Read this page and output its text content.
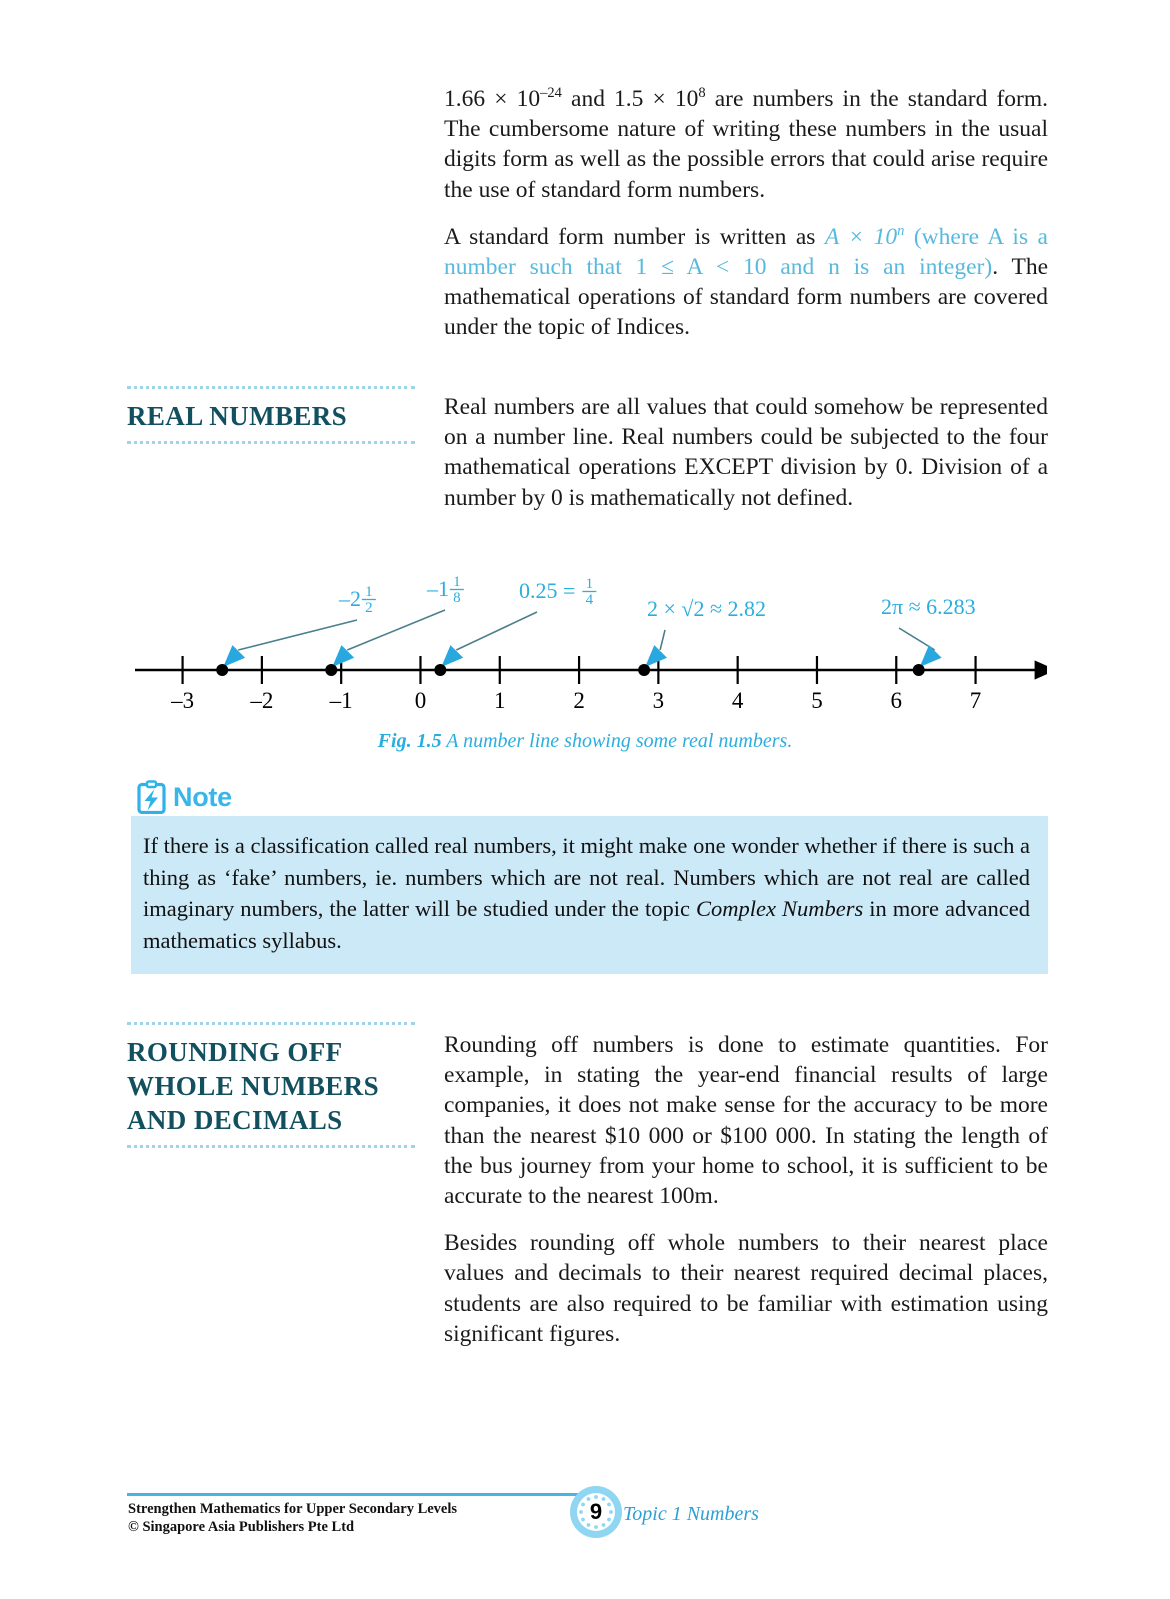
$1.66 \times 10^{-24}$ and $1.5 \times 10^8$ are numbers in the standard form. The cumbersome nature of writing these numbers in the usual digits form as well as the possible errors that could arise require the use of standard form numbers.

A standard form number is written as $A \times 10^n$ (where A is a number such that 1 ≤ A < 10 and n is an integer). The mathematical operations of standard form numbers are covered under the topic of Indices.

REAL NUMBERS	Real numbers are all values that could somehow be represented on a number line. Real numbers could be subjected to the four mathematical operations EXCEPT division by 0. Division of a number by 0 is mathematically not defined.

–3 –2 –1	0	1	2	3	4	5	6	7
–2 1
2
–1 1
8	0.25 = 1
4 2 × √2 ≈ 2.82	2π ≈ 6.283
Fig. 1.5 A number line showing some real numbers.
Note
If there is a classification called real numbers, it might make one wonder whether if there is such a thing as ‘fake’ numbers, ie. numbers which are not real. Numbers which are not real are called imaginary numbers, the latter will be studied under the topic Complex Numbers in more advanced mathematics syllabus.
ROUNDING OFF
WHOLE NUMBERS
AND DECIMALS

Rounding off numbers is done to estimate quantities. For example, in stating the year-end financial results of large companies, it does not make sense for the accuracy to be more than the nearest $10 000 or $100 000. In stating the length of the bus journey from your home to school, it is sufficient to be accurate to the nearest 100m.

Besides rounding off whole numbers to their nearest place values and decimals to their nearest required decimal places, students are also required to be familiar with estimation using significant figures.

Strengthen Mathematics for Upper Secondary Levels
© Singapore Asia Publishers Pte Ltd
9	Topic 1 Numbers
